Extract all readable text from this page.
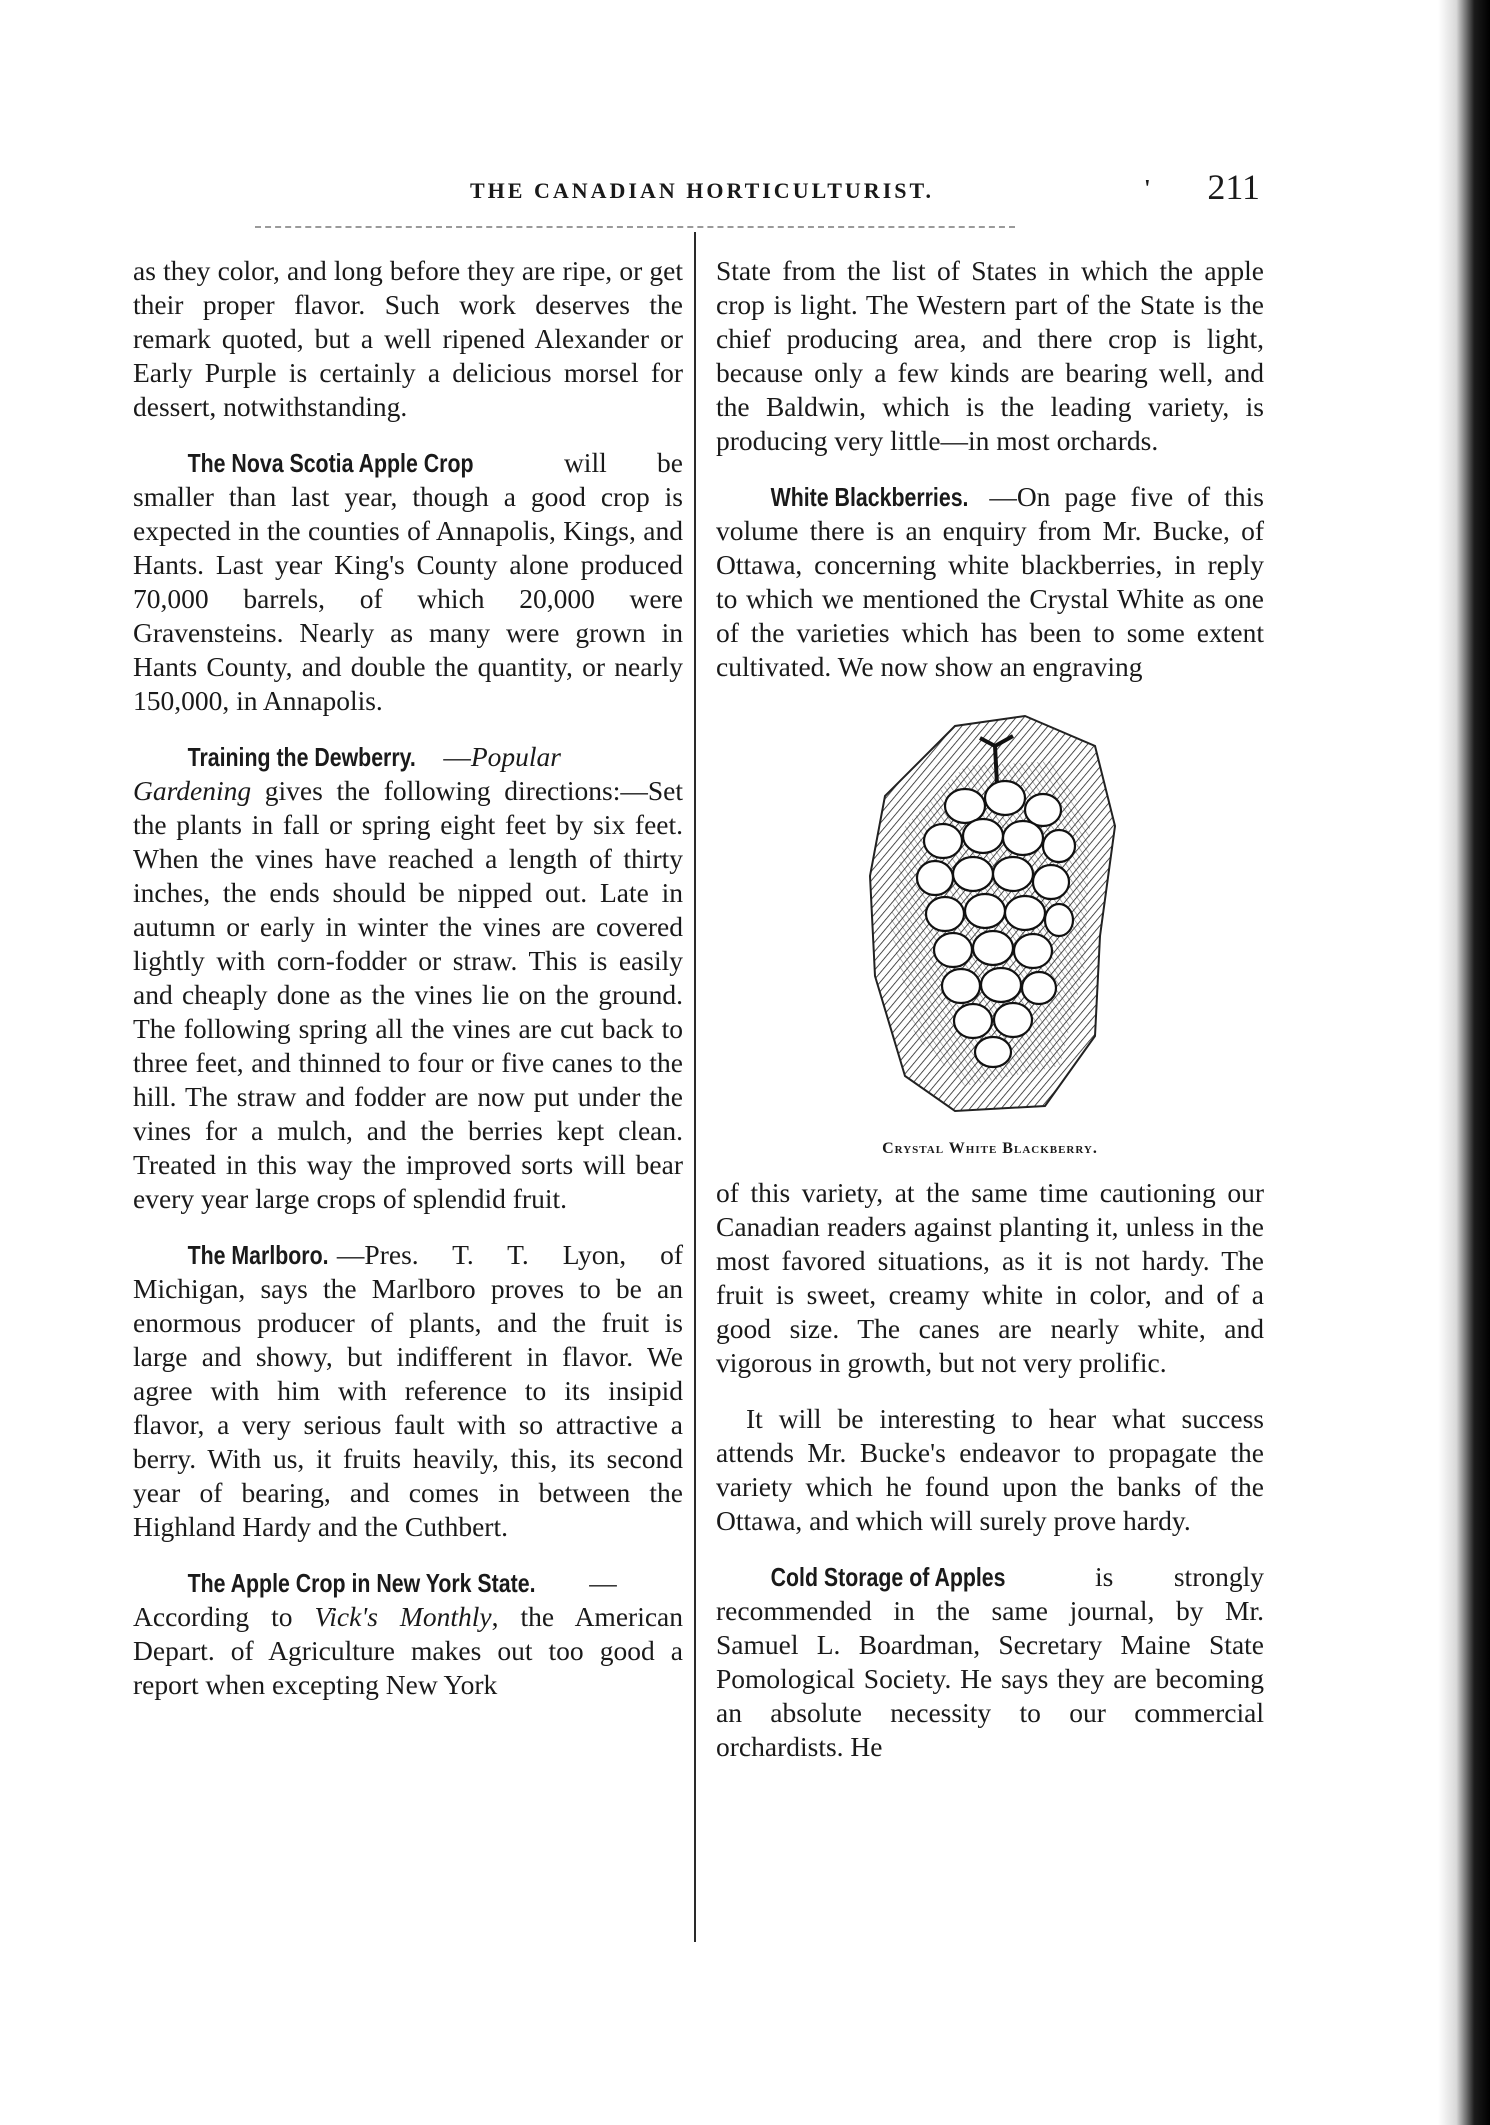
THE CANADIAN HORTICULTURIST.	' 211

as they color, and long before they are ripe, or get their proper flavor. Such work deserves the remark quoted, but a well ripened Alexander or Early Purple is certainly a delicious morsel for dessert, notwithstanding.

The Nova Scotia Apple Crop will be smaller than last year, though a good crop is expected in the counties of Annapolis, Kings, and Hants. Last year King's County alone produced 70,000 barrels, of which 20,000 were Gravensteins. Nearly as many were grown in Hants County, and double the quantity, or nearly 150,000, in Annapolis.

Training the Dewberry. —Popular Gardening gives the following directions:—Set the plants in fall or spring eight feet by six feet. When the vines have reached a length of thirty inches, the ends should be nipped out. Late in autumn or early in winter the vines are covered lightly with corn-fodder or straw. This is easily and cheaply done as the vines lie on the ground. The following spring all the vines are cut back to three feet, and thinned to four or five canes to the hill. The straw and fodder are now put under the vines for a mulch, and the berries kept clean. Treated in this way the improved sorts will bear every year large crops of splendid fruit.

The Marlboro. —Pres. T. T. Lyon, of Michigan, says the Marlboro proves to be an enormous producer of plants, and the fruit is large and showy, but indifferent in flavor. We agree with him with reference to its insipid flavor, a very serious fault with so attractive a berry. With us, it fruits heavily, this, its second year of bearing, and comes in between the Highland Hardy and the Cuthbert.

The Apple Crop in New York State. —According to Vick's Monthly, the American Depart. of Agriculture makes out too good a report when excepting New York

State from the list of States in which the apple crop is light. The Western part of the State is the chief producing area, and there crop is light, because only a few kinds are bearing well, and the Baldwin, which is the leading variety, is producing very little—in most orchards.

White Blackberries. —On page five of this volume there is an enquiry from Mr. Bucke, of Ottawa, concerning white blackberries, in reply to which we mentioned the Crystal White as one of the varieties which has been to some extent cultivated. We now show an engraving

Crystal White Blackberry.

of this variety, at the same time cautioning our Canadian readers against planting it, unless in the most favored situations, as it is not hardy. The fruit is sweet, creamy white in color, and of a good size. The canes are nearly white, and vigorous in growth, but not very prolific.

It will be interesting to hear what success attends Mr. Bucke's endeavor to propagate the variety which he found upon the banks of the Ottawa, and which will surely prove hardy.

Cold Storage of Apples is strongly recommended in the same journal, by Mr. Samuel L. Boardman, Secretary Maine State Pomological Society. He says they are becoming an absolute necessity to our commercial orchardists. He
